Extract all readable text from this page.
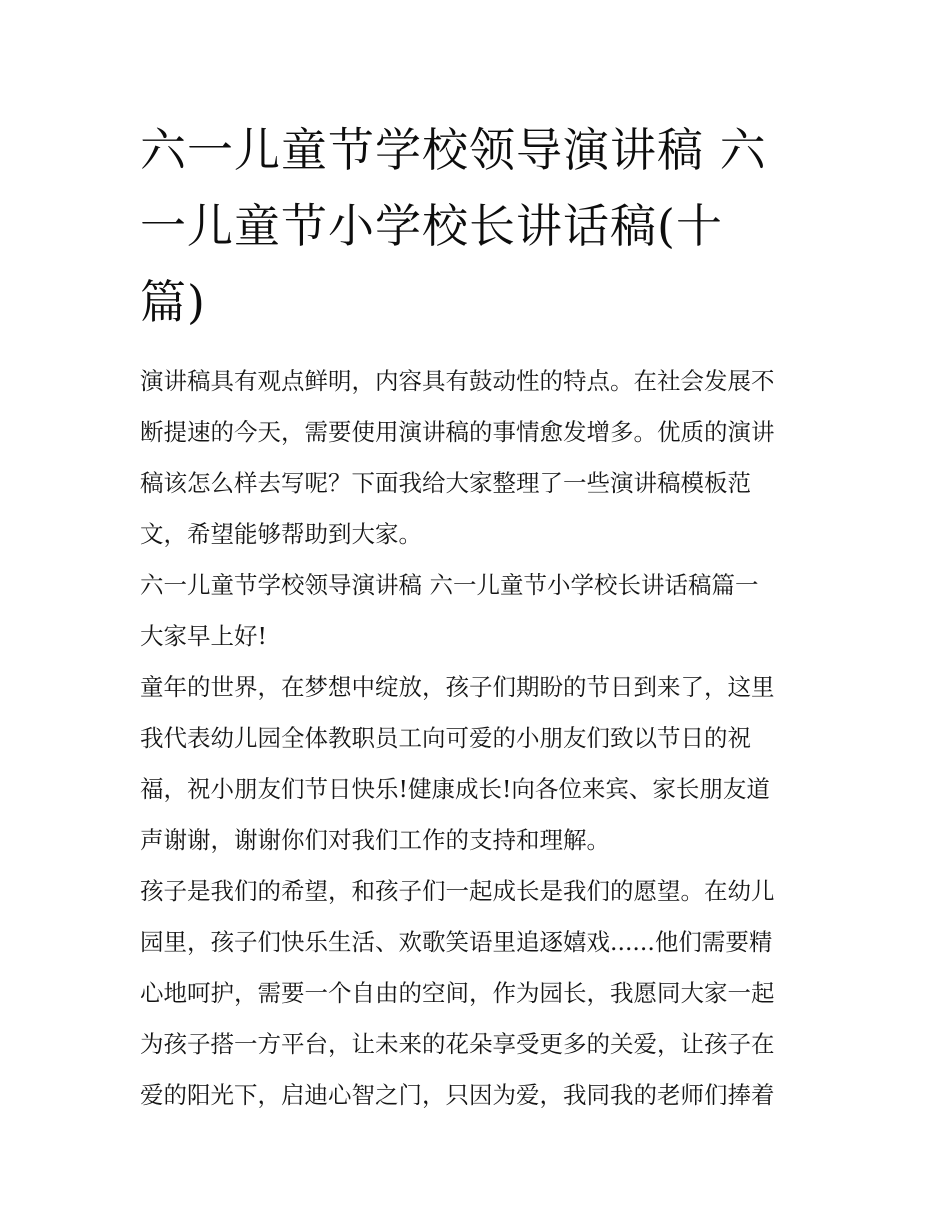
六一儿童节学校领导演讲稿 六
一儿童节小学校长讲话稿(十
篇)

演讲稿具有观点鲜明，内容具有鼓动性的特点。在社会发展不
断提速的今天，需要使用演讲稿的事情愈发增多。优质的演讲
稿该怎么样去写呢？下面我给大家整理了一些演讲稿模板范
文，希望能够帮助到大家。

六一儿童节学校领导演讲稿 六一儿童节小学校长讲话稿篇一

大家早上好!

童年的世界，在梦想中绽放，孩子们期盼的节日到来了，这里
我代表幼儿园全体教职员工向可爱的小朋友们致以节日的祝
福，祝小朋友们节日快乐!健康成长!向各位来宾、家长朋友道
声谢谢，谢谢你们对我们工作的支持和理解。

孩子是我们的希望，和孩子们一起成长是我们的愿望。在幼儿
园里，孩子们快乐生活、欢歌笑语里追逐嬉戏......他们需要精
心地呵护，需要一个自由的空间，作为园长，我愿同大家一起
为孩子搭一方平台，让未来的花朵享受更多的关爱，让孩子在
爱的阳光下，启迪心智之门，只因为爱，我同我的老师们捧着
